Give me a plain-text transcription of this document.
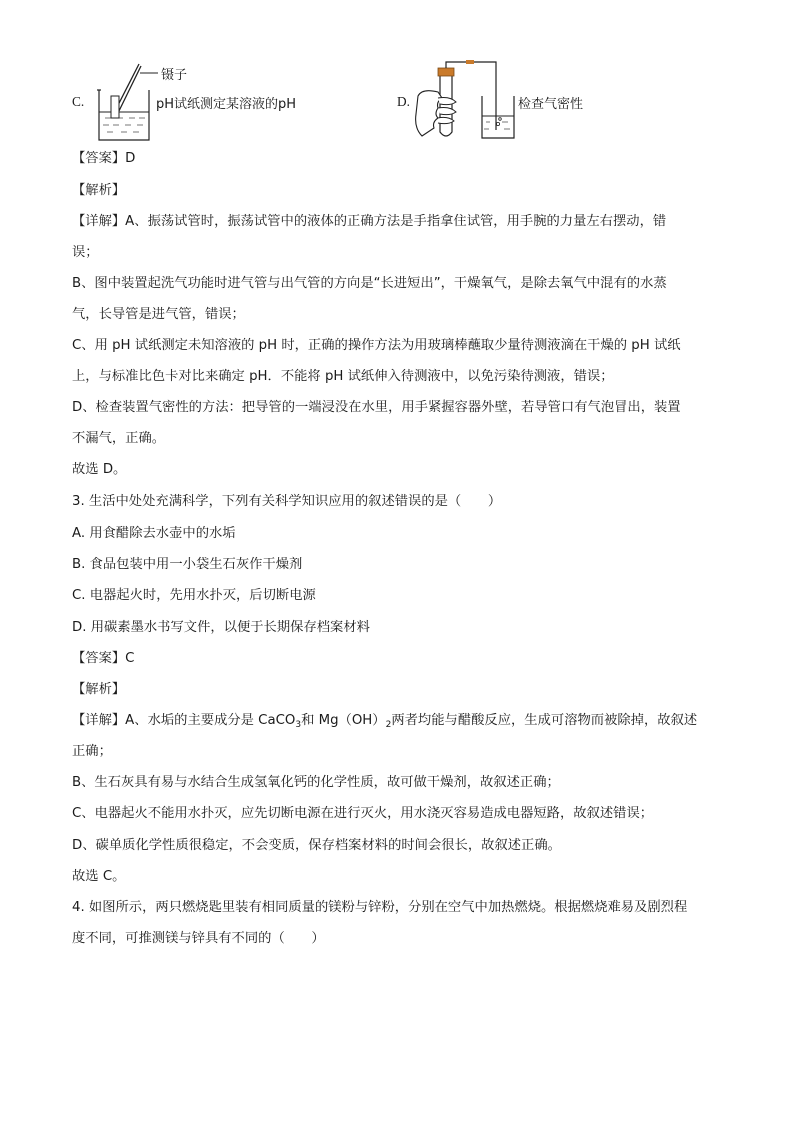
C.
镊子
pH试纸测定某溶液的pH	D.	检查气密性
【答案】D
【解析】
【详解】A、振荡试管时，振荡试管中的液体的正确方法是手指拿住试管，用手腕的力量左右摆动，错
误；
B、图中装置起洗气功能时进气管与出气管的方向是“长进短出”，干燥氧气，是除去氧气中混有的水蒸
气，长导管是进气管，错误；
C、用 pH 试纸测定未知溶液的 pH 时，正确的操作方法为用玻璃棒蘸取少量待测液滴在干燥的 pH 试纸
上，与标准比色卡对比来确定 pH．不能将 pH 试纸伸入待测液中，以免污染待测液，错误；
D、检查装置气密性的方法：把导管的一端浸没在水里，用手紧握容器外壁，若导管口有气泡冒出，装置
不漏气，正确。
故选 D。
3. 生活中处处充满科学，下列有关科学知识应用的叙述错误的是（　　）
A. 用食醋除去水壶中的水垢
B. 食品包装中用一小袋生石灰作干燥剂
C. 电器起火时，先用水扑灭，后切断电源
D. 用碳素墨水书写文件，以便于长期保存档案材料
【答案】C
【解析】
【详解】A、水垢的主要成分是 CaCO$_3$和 $Mg(OH)_2$两者均能与醋酸反应，生成可溶物而被除掉，故叙述
正确；
B、生石灰具有易与水结合生成氢氧化钙的化学性质，故可做干燥剂，故叙述正确；
C、电器起火不能用水扑灭，应先切断电源在进行灭火，用水浇灭容易造成电器短路，故叙述错误；
D、碳单质化学性质很稳定，不会变质，保存档案材料的时间会很长，故叙述正确。
故选 C。
4. 如图所示，两只燃烧匙里装有相同质量的镁粉与锌粉，分别在空气中加热燃烧。根据燃烧难易及剧烈程
度不同，可推测镁与锌具有不同的（　　）
